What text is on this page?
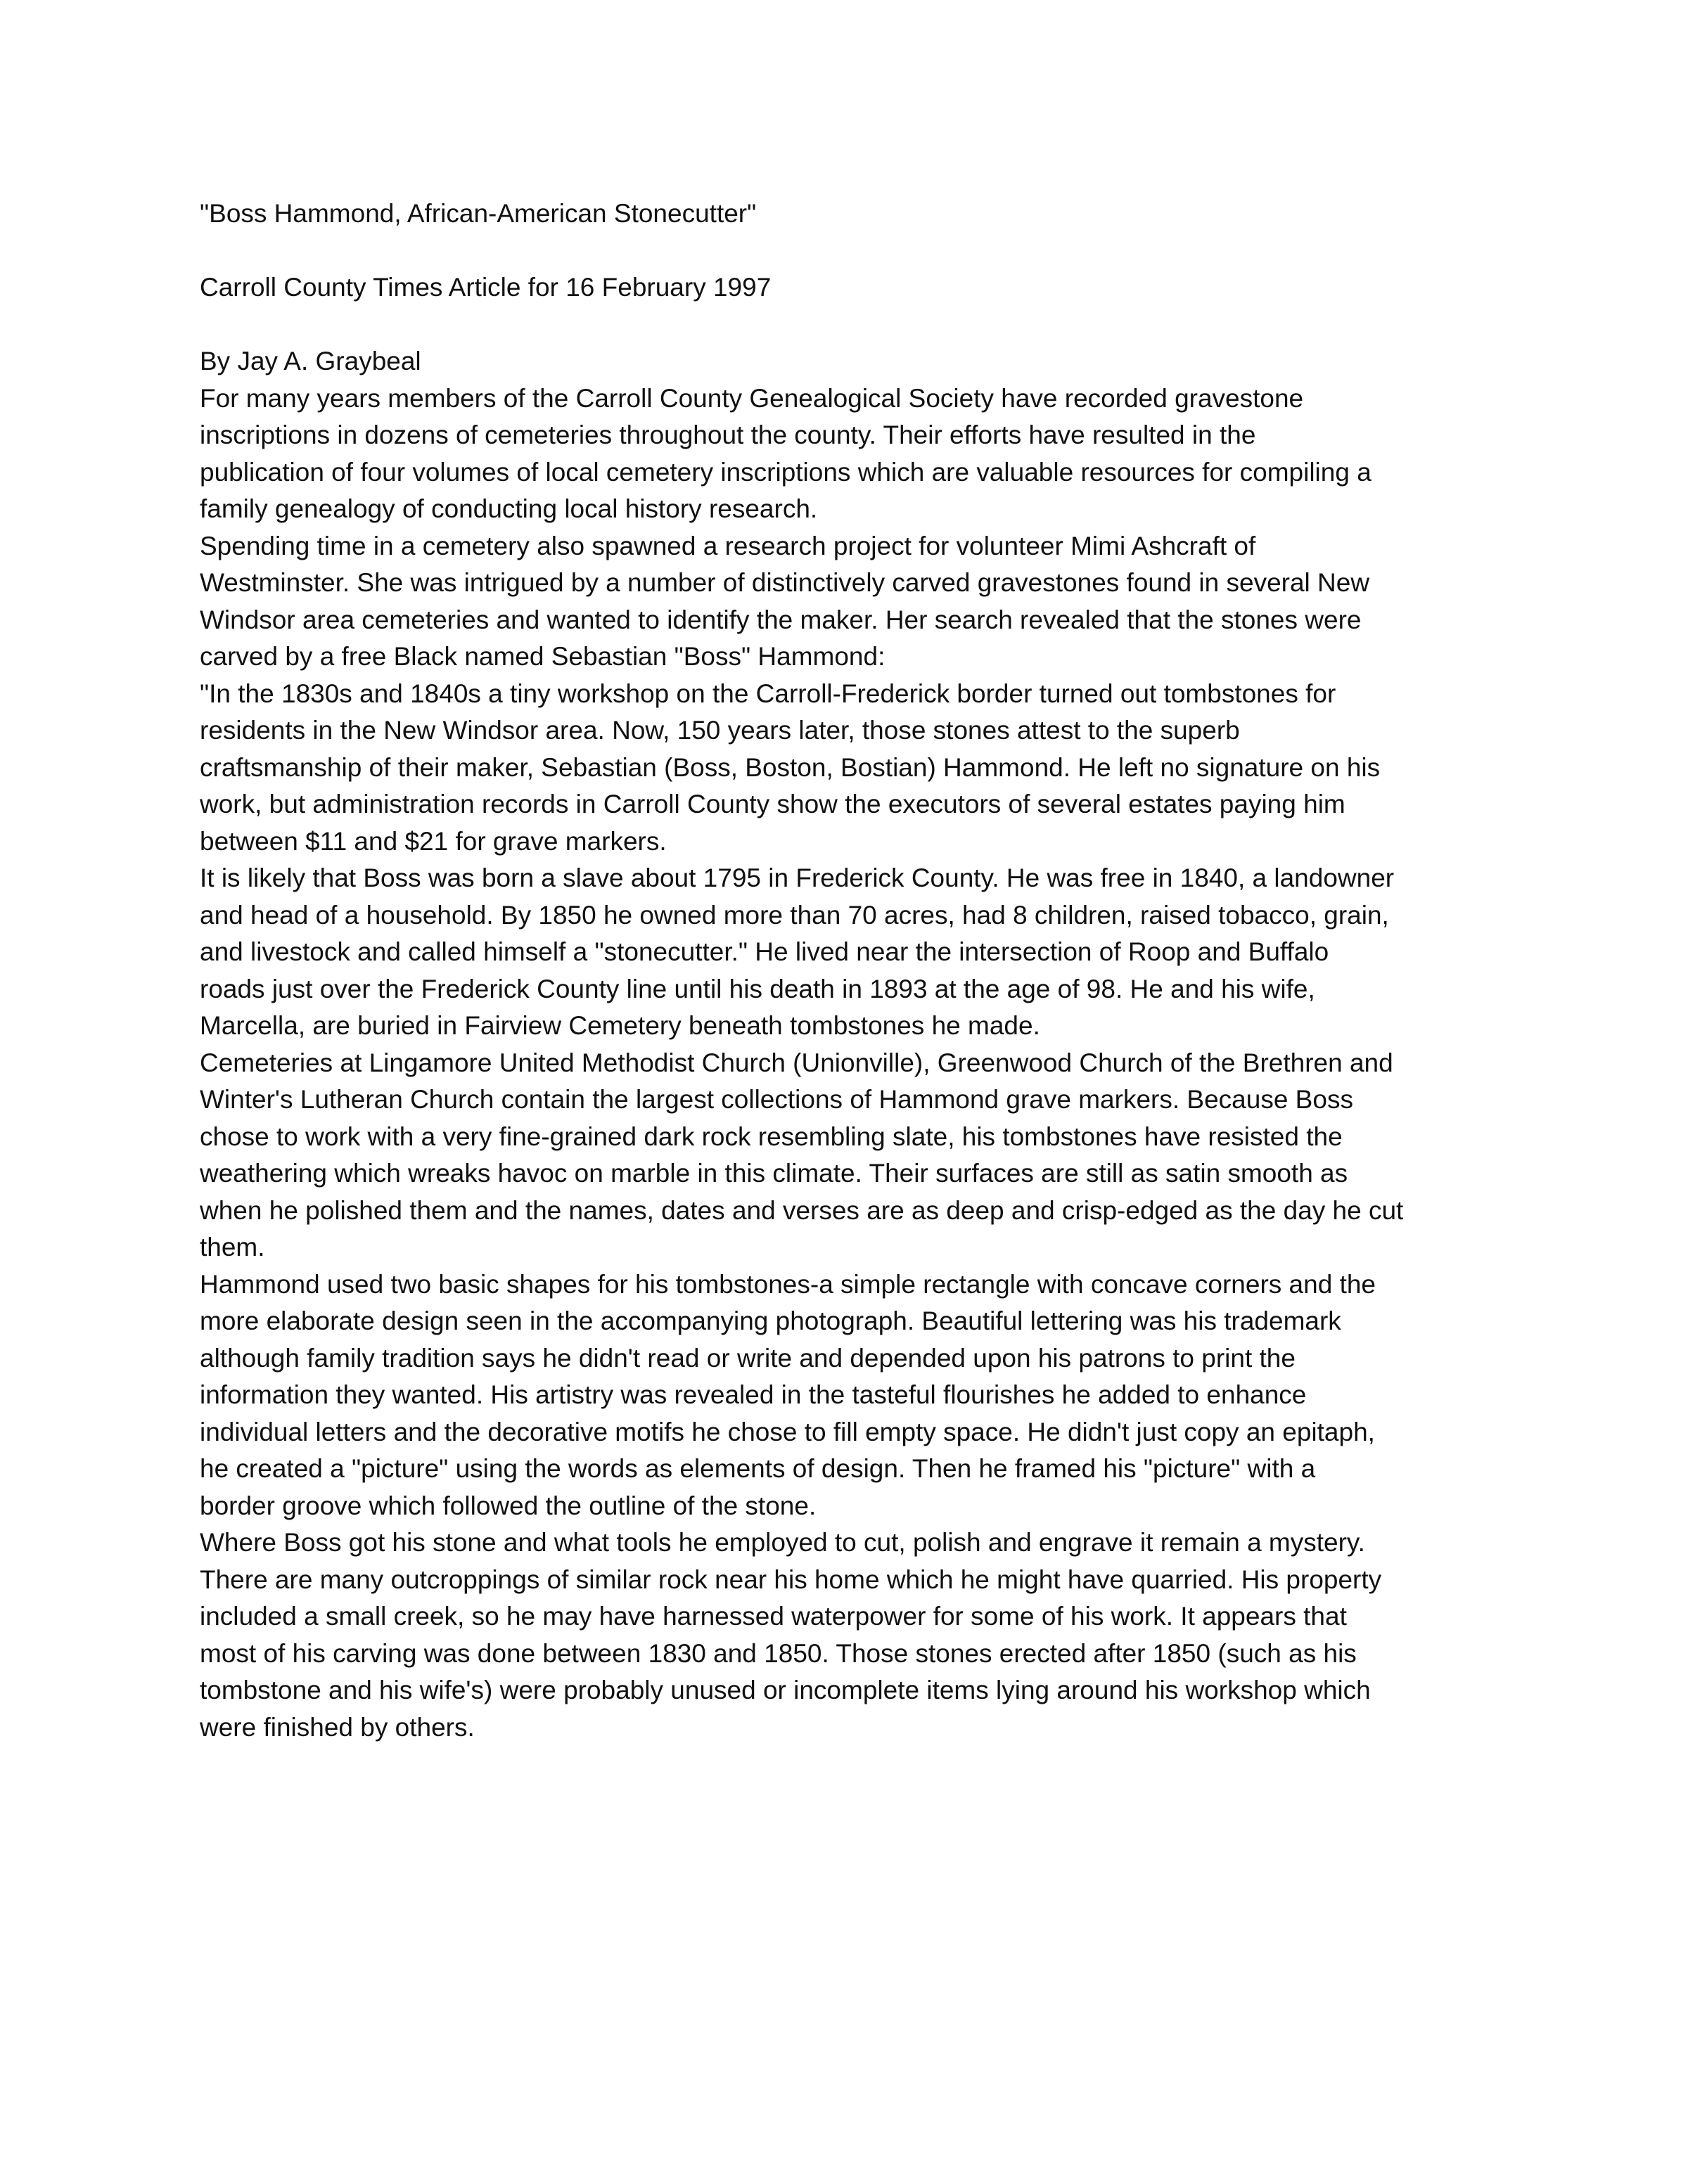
"Boss Hammond, African-American Stonecutter"

Carroll County Times Article for 16 February 1997

By Jay A. Graybeal

For many years members of the Carroll County Genealogical Society have recorded gravestone
inscriptions in dozens of cemeteries throughout the county. Their efforts have resulted in the
publication of four volumes of local cemetery inscriptions which are valuable resources for compiling a
family genealogy of conducting local history research.

Spending time in a cemetery also spawned a research project for volunteer Mimi Ashcraft of
Westminster. She was intrigued by a number of distinctively carved gravestones found in several New
Windsor area cemeteries and wanted to identify the maker. Her search revealed that the stones were
carved by a free Black named Sebastian "Boss" Hammond:

"In the 1830s and 1840s a tiny workshop on the Carroll-Frederick border turned out tombstones for
residents in the New Windsor area. Now, 150 years later, those stones attest to the superb
craftsmanship of their maker, Sebastian (Boss, Boston, Bostian) Hammond. He left no signature on his
work, but administration records in Carroll County show the executors of several estates paying him
between $11 and $21 for grave markers.

It is likely that Boss was born a slave about 1795 in Frederick County. He was free in 1840, a landowner
and head of a household. By 1850 he owned more than 70 acres, had 8 children, raised tobacco, grain,
and livestock and called himself a "stonecutter." He lived near the intersection of Roop and Buffalo
roads just over the Frederick County line until his death in 1893 at the age of 98. He and his wife,
Marcella, are buried in Fairview Cemetery beneath tombstones he made.

Cemeteries at Lingamore United Methodist Church (Unionville), Greenwood Church of the Brethren and
Winter's Lutheran Church contain the largest collections of Hammond grave markers. Because Boss
chose to work with a very fine-grained dark rock resembling slate, his tombstones have resisted the
weathering which wreaks havoc on marble in this climate. Their surfaces are still as satin smooth as
when he polished them and the names, dates and verses are as deep and crisp-edged as the day he cut
them.

Hammond used two basic shapes for his tombstones-a simple rectangle with concave corners and the
more elaborate design seen in the accompanying photograph. Beautiful lettering was his trademark
although family tradition says he didn't read or write and depended upon his patrons to print the
information they wanted. His artistry was revealed in the tasteful flourishes he added to enhance
individual letters and the decorative motifs he chose to fill empty space. He didn't just copy an epitaph,
he created a "picture" using the words as elements of design. Then he framed his "picture" with a
border groove which followed the outline of the stone.

Where Boss got his stone and what tools he employed to cut, polish and engrave it remain a mystery.
There are many outcroppings of similar rock near his home which he might have quarried. His property
included a small creek, so he may have harnessed waterpower for some of his work. It appears that
most of his carving was done between 1830 and 1850. Those stones erected after 1850 (such as his
tombstone and his wife's) were probably unused or incomplete items lying around his workshop which
were finished by others.
